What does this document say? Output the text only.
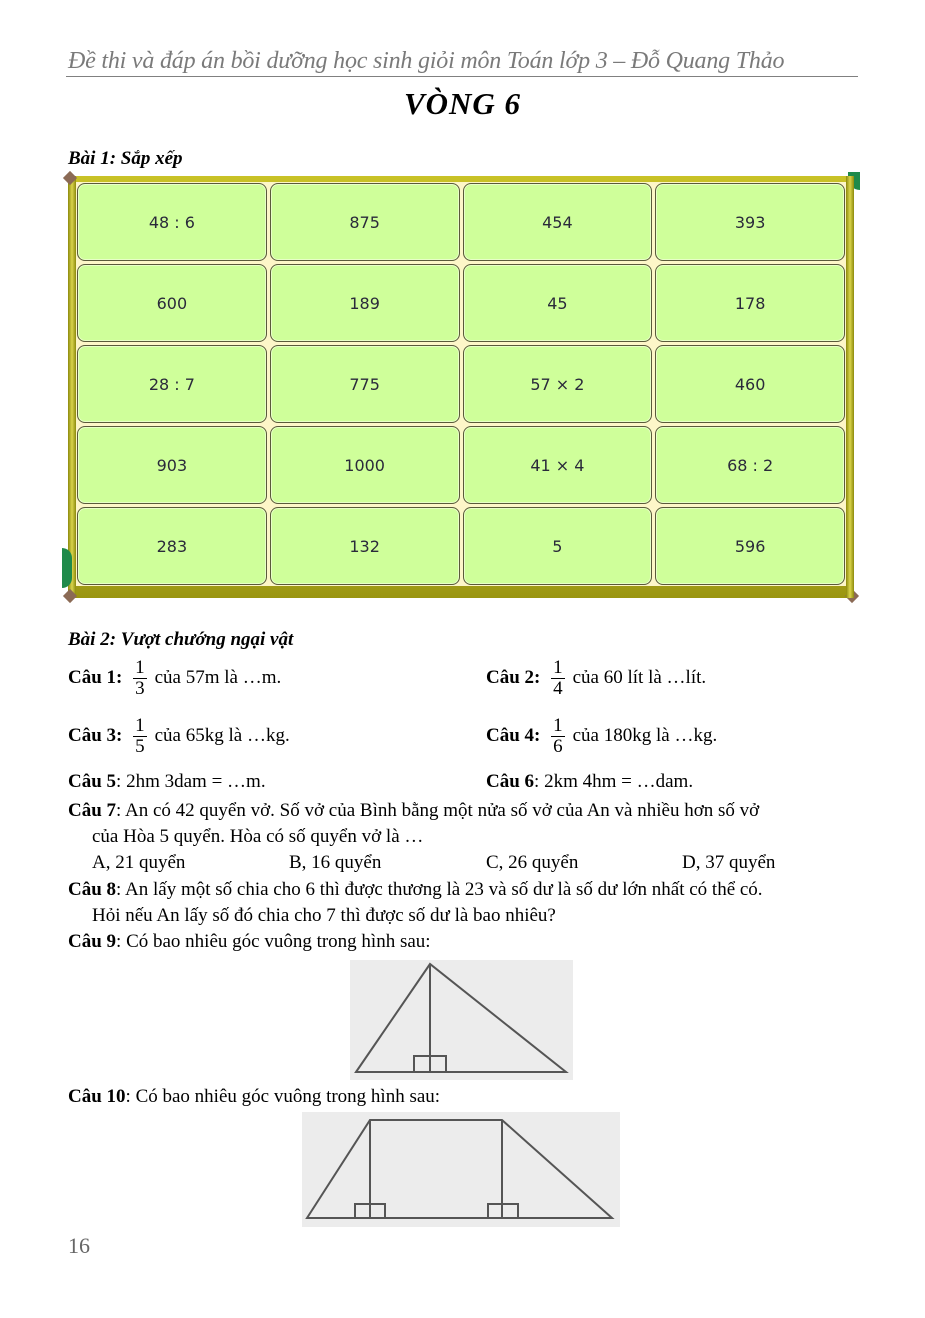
Đề thi và đáp án bồi dưỡng học sinh giỏi môn Toán lớp 3 – Đỗ Quang Thảo
VÒNG 6
Bài 1: Sắp xếp
48 : 6	875	454	393
600	189	45	178
28 : 7	775	57 × 2	460
903	1000	41 × 4	68 : 2
283	132	5	596
Bài 2: Vượt chướng ngại vật
Câu 1: $\frac{1}{3}$ của 57m là …m.	Câu 2: $\frac{1}{4}$ của 60 lít là …lít.
Câu 3: $\frac{1}{5}$ của 65kg là …kg.	Câu 4: $\frac{1}{6}$ của 180kg là …kg.
Câu 5: 2hm 3dam = …m.	Câu 6: 2km 4hm = …dam.
Câu 7: An có 42 quyển vở. Số vở của Bình bằng một nửa số vở của An và nhiều hơn số vở
của Hòa 5 quyển. Hòa có số quyển vở là …
A, 21 quyển	B, 16 quyển	C, 26 quyển	D, 37 quyển
Câu 8: An lấy một số chia cho 6 thì được thương là 23 và số dư là số dư lớn nhất có thể có.
Hỏi nếu An lấy số đó chia cho 7 thì được số dư là bao nhiêu?
Câu 9: Có bao nhiêu góc vuông trong hình sau:
Câu 10: Có bao nhiêu góc vuông trong hình sau:
16
